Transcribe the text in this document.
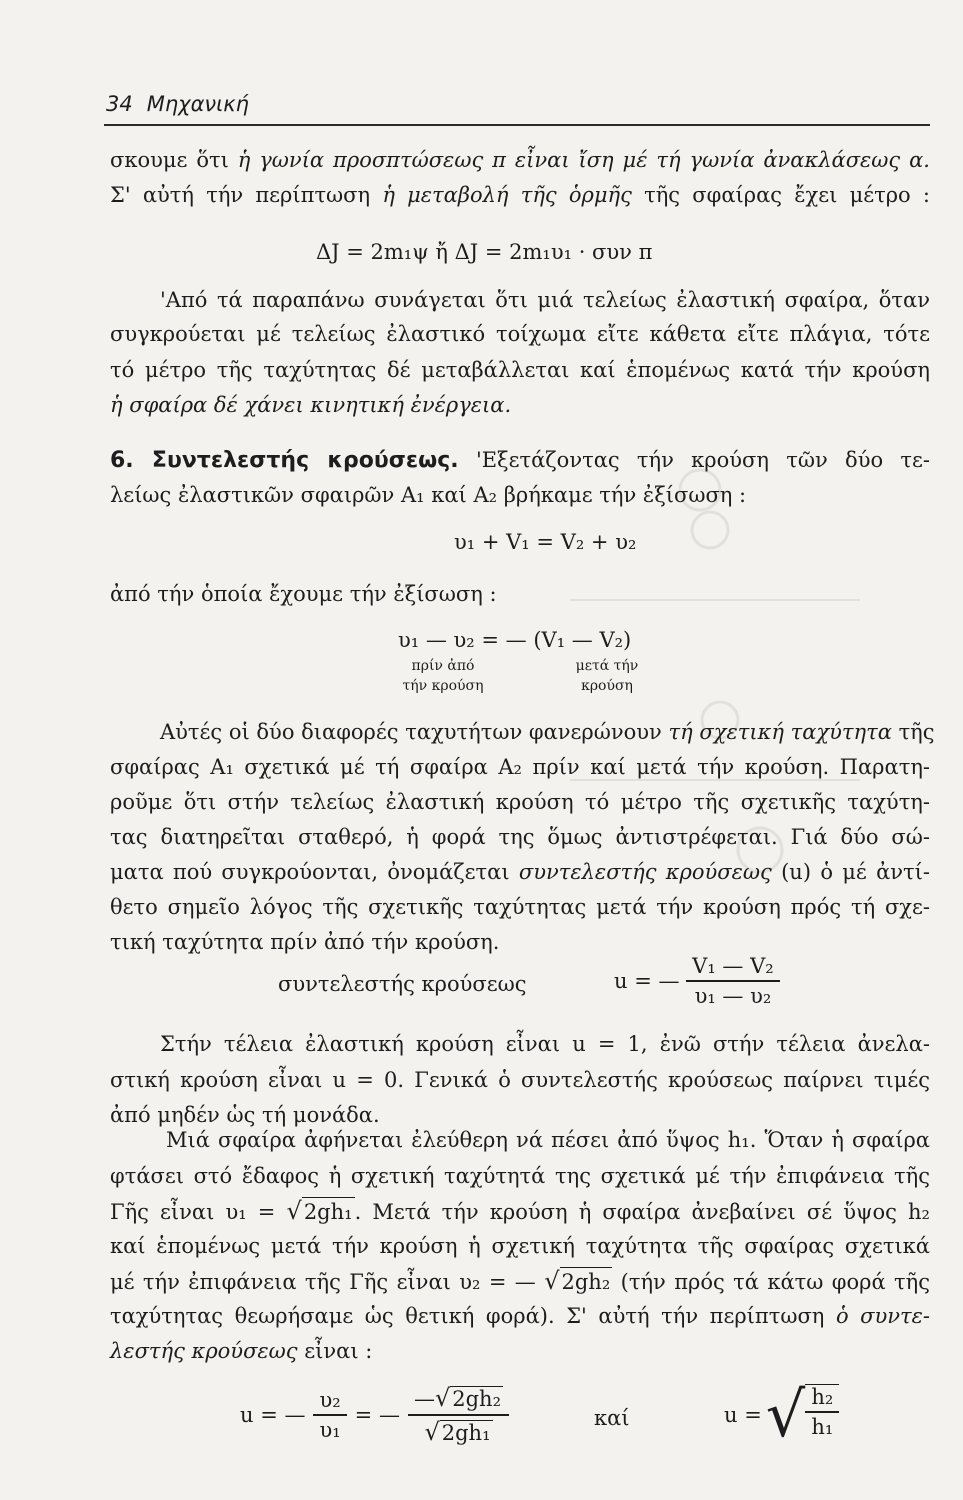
34 Μηχανική
σκουμε ὅτι ἡ γωνία προσπτώσεως π εἶναι ἴση μέ τή γωνία ἀνακλάσεως α.
Σ' αὐτή τήν περίπτωση ἡ μεταβολή τῆς ὁρμῆς τῆς σφαίρας ἔχει μέτρο :
ΔJ = 2m₁ψ ἤ ΔJ = 2m₁υ₁ · συν π
'Από τά παραπάνω συνάγεται ὅτι μιά τελείως ἐλαστική σφαίρα, ὅταν
συγκρούεται μέ τελείως ἐλαστικό τοίχωμα εἴτε κάθετα εἴτε πλάγια, τότε
τό μέτρο τῆς ταχύτητας δέ μεταβάλλεται καί ἑπομένως κατά τήν κρούση
ἡ σφαίρα δέ χάνει κινητική ἐνέργεια.
6. Συντελεστής κρούσεως. 'Εξετάζοντας τήν κρούση τῶν δύο τε-
λείως ἐλαστικῶν σφαιρῶν A₁ καί A₂ βρήκαμε τήν ἐξίσωση :
υ₁ + V₁ = V₂ + υ₂
ἀπό τήν ὁποία ἔχουμε τήν ἐξίσωση :
υ₁ — υ₂ = — (V₁ — V₂)
πρίν ἀπό
τήν κρούση
μετά τήν
κρούση
Αὐτές οἱ δύο διαφορές ταχυτήτων φανερώνουν τή σχετική ταχύτητα τῆς
σφαίρας A₁ σχετικά μέ τή σφαίρα A₂ πρίν καί μετά τήν κρούση. Παρατη-
ροῦμε ὅτι στήν τελείως ἐλαστική κρούση τό μέτρο τῆς σχετικῆς ταχύτη-
τας διατηρεῖται σταθερό, ἡ φορά της ὅμως ἀντιστρέφεται. Γιά δύο σώ-
ματα πού συγκρούονται, ὀνομάζεται συντελεστής κρούσεως (u) ὁ μέ ἀντί-
θετο σημεῖο λόγος τῆς σχετικῆς ταχύτητας μετά τήν κρούση πρός τή σχε-
τική ταχύτητα πρίν ἀπό τήν κρούση.
συντελεστής κρούσεως	u = — $\frac{\text{V₁ — V₂}}{\text{υ₁ — υ₂}}$
Στήν τέλεια ἐλαστική κρούση εἶναι u = 1, ἐνῶ στήν τέλεια ἀνελα-
στική κρούση εἶναι u = 0. Γενικά ὁ συντελεστής κρούσεως παίρνει τιμές
ἀπό μηδέν ὡς τή μονάδα.
Μιά σφαίρα ἀφήνεται ἐλεύθερη νά πέσει ἀπό ὕψος h₁. Ὅταν ἡ σφαίρα
φτάσει στό ἔδαφος ἡ σχετική ταχύτητά της σχετικά μέ τήν ἐπιφάνεια τῆς
Γῆς εἶναι υ₁ = √2gh₁. Μετά τήν κρούση ἡ σφαίρα ἀνεβαίνει σέ ὕψος h₂
καί ἑπομένως μετά τήν κρούση ἡ σχετική ταχύτητα τῆς σφαίρας σχετικά
μέ τήν ἐπιφάνεια τῆς Γῆς εἶναι υ₂ = — √2gh₂ (τήν πρός τά κάτω φορά τῆς
ταχύτητας θεωρήσαμε ὡς θετική φορά). Σ' αὐτή τήν περίπτωση ὁ συντε-
λεστής κρούσεως εἶναι :
u = — $\frac{\text{υ₂}}{\text{υ₁}}$ = — $\frac{\text{—√2gh₂}}{\text{√2gh₁}}$	καί	u = √ $\frac{\text{h₂}}{\text{h₁}}$
